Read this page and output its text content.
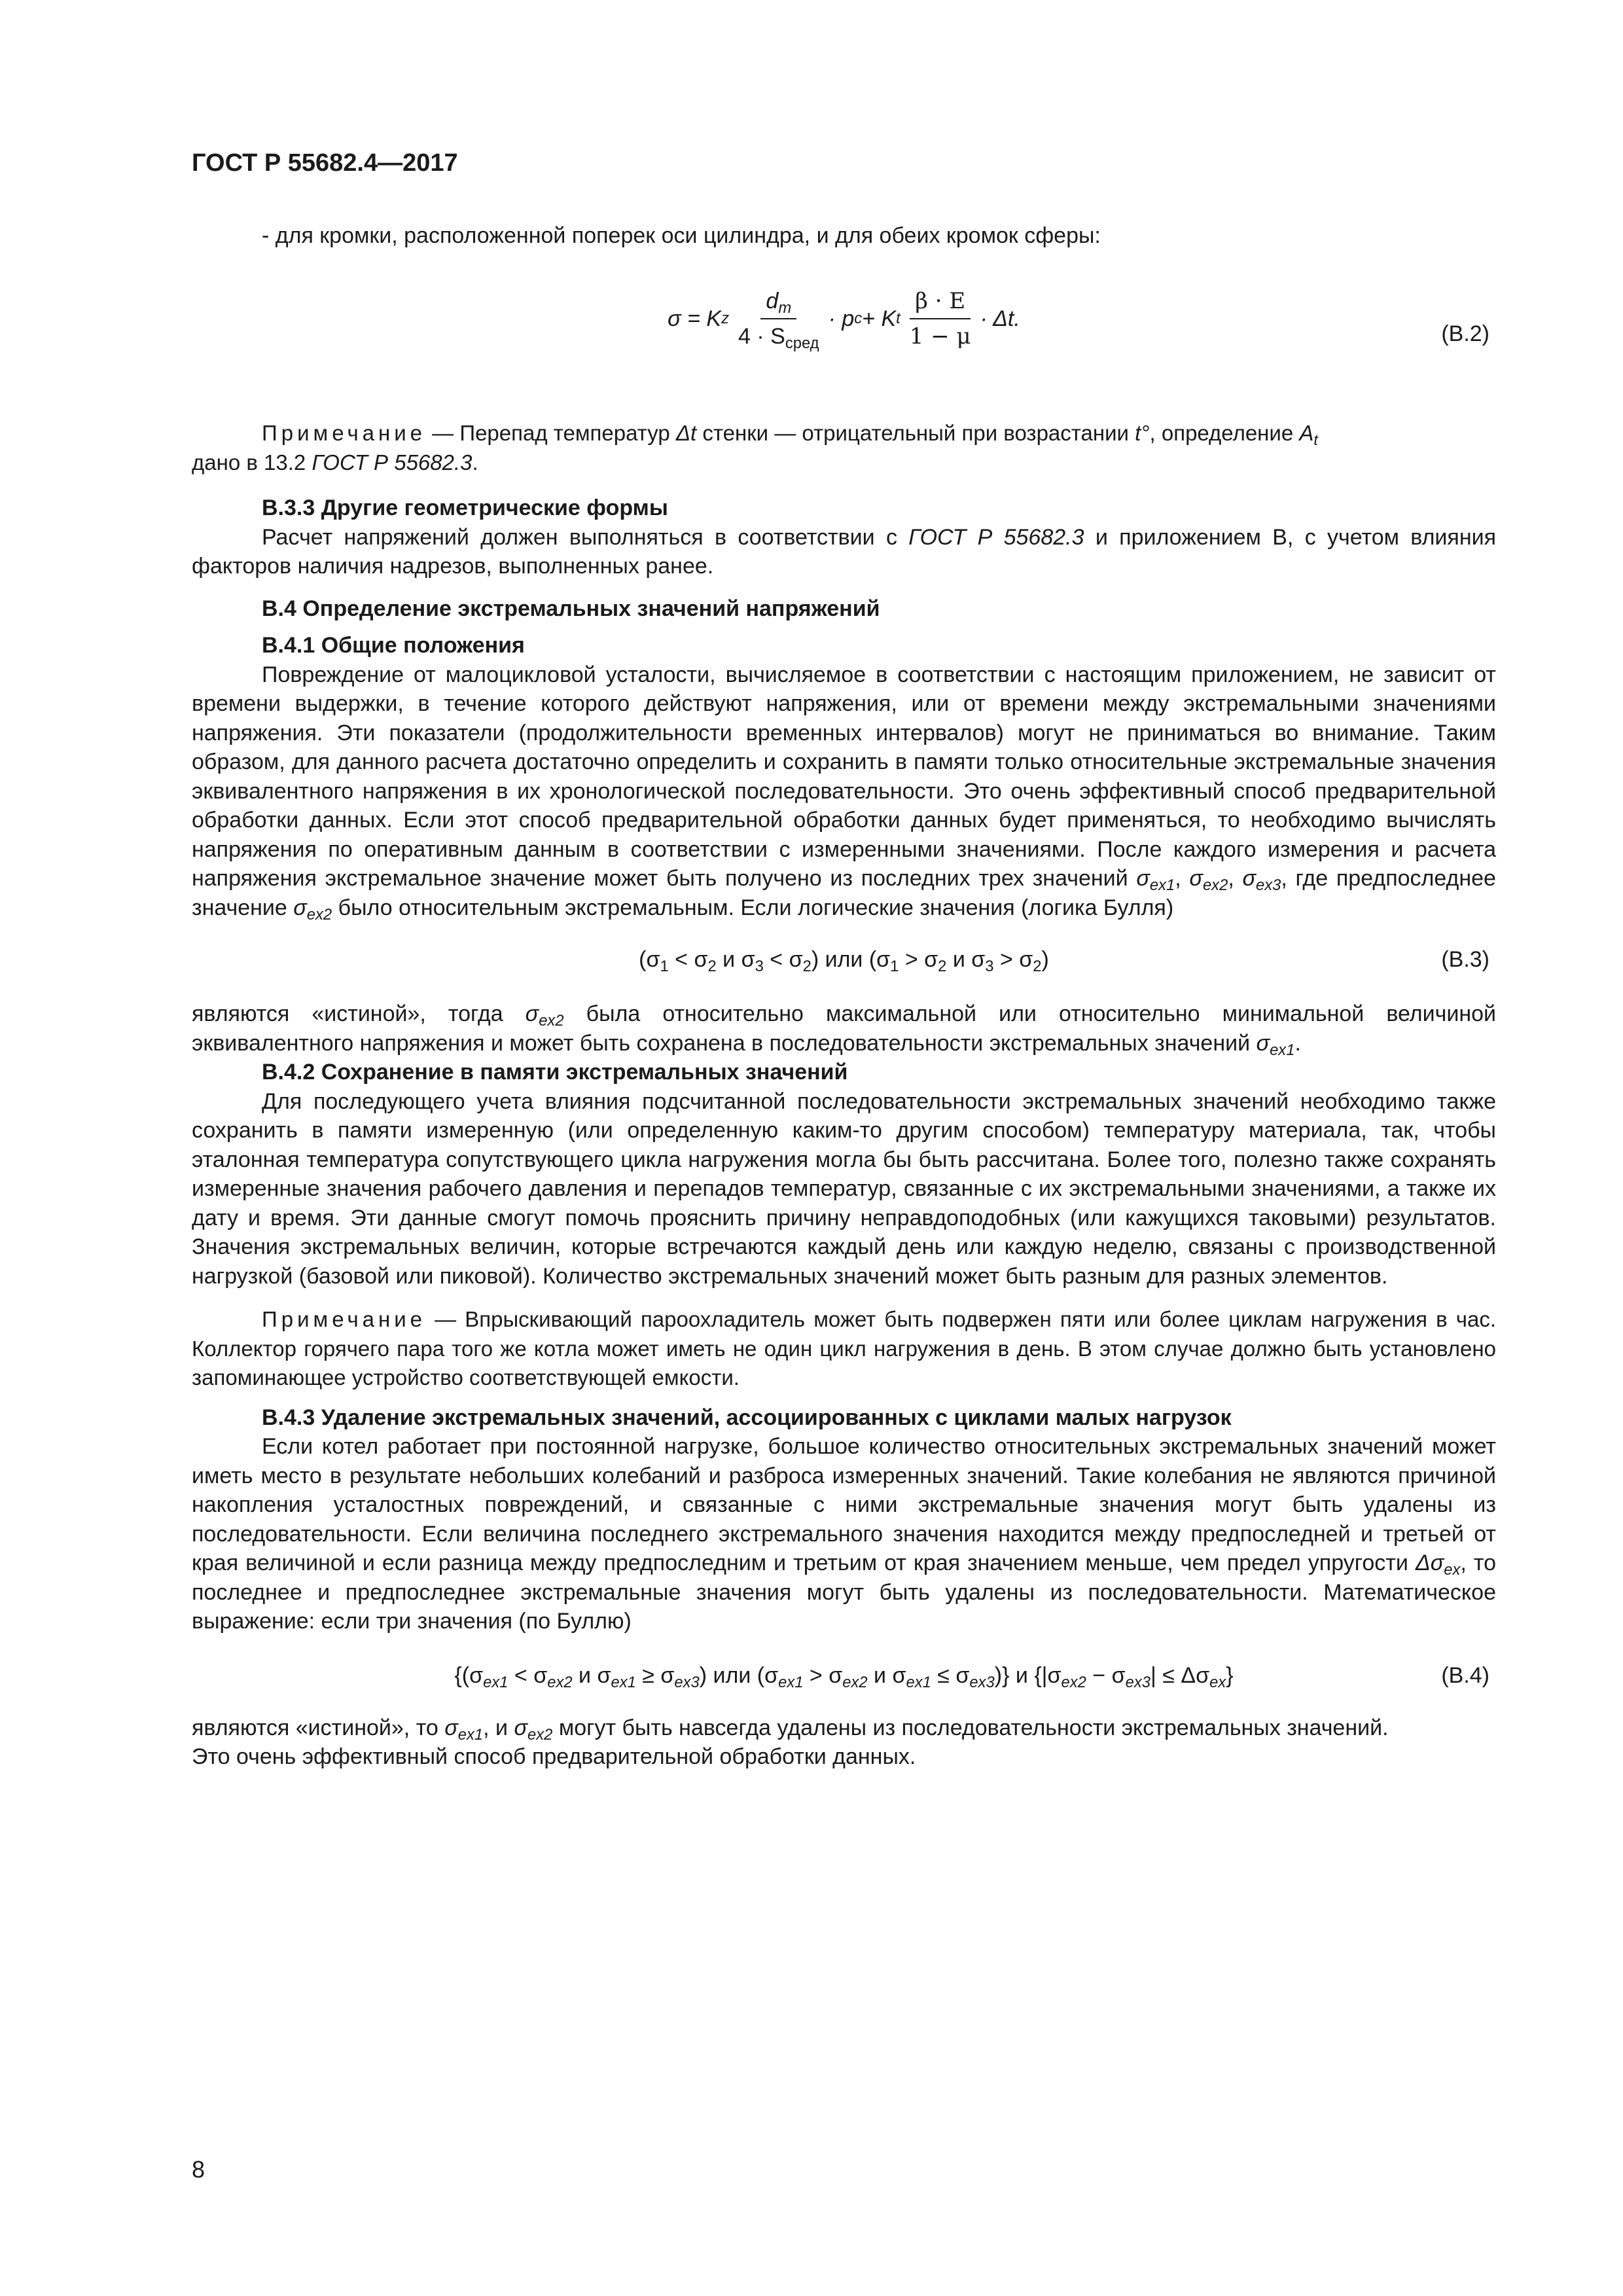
ГОСТ Р 55682.4—2017

- для кромки, расположенной поперек оси цилиндра, и для обеих кромок сферы:

σ = K z $\frac{d_m}{4 \cdot S_{сред}} \cdot p$ c + K t $\frac{\beta \cdot E}{1 - \mu} \cdot \Delta t$.
(В.2)

Примечание — Перепад температур Δt стенки — отрицательный при возрастании t°, определение $A_t$

дано в 13.2 ГОСТ Р 55682.3.

В.3.3 Другие геометрические формы

Расчет напряжений должен выполняться в соответствии с ГОСТ Р 55682.3 и приложением В, с учетом влияния факторов наличия надрезов, выполненных ранее.

В.4 Определение экстремальных значений напряжений
В.4.1 Общие положения

Повреждение от малоцикловой усталости, вычисляемое в соответствии с настоящим приложением, не зависит от времени выдержки, в течение которого действуют напряжения, или от времени между экстремальными значениями напряжения. Эти показатели (продолжительности временных интервалов) могут не приниматься во внимание. Таким образом, для данного расчета достаточно определить и сохранить в памяти только относительные экстремальные значения эквивалентного напряжения в их хронологической последовательности. Это очень эффективный способ предварительной обработки данных. Если этот способ предварительной обработки данных будет применяться, то необходимо вычислять напряжения по оперативным данным в соответствии с измеренными значениями. После каждого измерения и расчета напряжения экстремальное значение может быть получено из последних трех значений $\sigma_{ex1}$, $\sigma_{ex2}$, $\sigma_{ex3}$, где предпоследнее значение $\sigma_{ex2}$ было относительным экстремальным. Если логические значения (логика Булля)

($\sigma_1 < \sigma_2$ и $\sigma_3 < \sigma_2$) или ($\sigma_1 > \sigma_2$ и $\sigma_3 > \sigma_2$)	(В.3)

являются «истиной», тогда $\sigma_{ex2}$ была относительно максимальной или относительно минимальной величиной эквивалентного напряжения и может быть сохранена в последовательности экстремальных значений $\sigma_{ex1}$.

В.4.2 Сохранение в памяти экстремальных значений

Для последующего учета влияния подсчитанной последовательности экстремальных значений необходимо также сохранить в памяти измеренную (или определенную каким-то другим способом) температуру материала, так, чтобы эталонная температура сопутствующего цикла нагружения могла бы быть рассчитана. Более того, полезно также сохранять измеренные значения рабочего давления и перепадов температур, связанные с их экстремальными значениями, а также их дату и время. Эти данные смогут помочь прояснить причину неправдоподобных (или кажущихся таковыми) результатов. Значения экстремальных величин, которые встречаются каждый день или каждую неделю, связаны с производственной нагрузкой (базовой или пиковой). Количество экстремальных значений может быть разным для разных элементов.

Примечание — Впрыскивающий пароохладитель может быть подвержен пяти или более циклам нагружения в час. Коллектор горячего пара того же котла может иметь не один цикл нагружения в день. В этом случае должно быть установлено запоминающее устройство соответствующей емкости.

В.4.3 Удаление экстремальных значений, ассоциированных с циклами малых нагрузок

Если котел работает при постоянной нагрузке, большое количество относительных экстремальных значений может иметь место в результате небольших колебаний и разброса измеренных значений. Такие колебания не являются причиной накопления усталостных повреждений, и связанные с ними экстремальные значения могут быть удалены из последовательности. Если величина последнего экстремального значения находится между предпоследней и третьей от края величиной и если разница между предпоследним и третьим от края значением меньше, чем предел упругости $\Delta\sigma_{ex}$, то последнее и предпоследнее экстремальные значения могут быть удалены из последовательности. Математическое выражение: если три значения (по Буллю)

{($\sigma_{ex1} < \sigma_{ex2}$ и $\sigma_{ex1} \ge \sigma_{ex3}$) или ($\sigma_{ex1} > \sigma_{ex2}$ и $\sigma_{ex1} \le \sigma_{ex3}$)} и $\{|\sigma_{ex2} - \sigma_{ex3}| \le \Delta\sigma_{ex}\}$	(В.4)

являются «истиной», то $\sigma_{ex1}$, и $\sigma_{ex2}$ могут быть навсегда удалены из последовательности экстремальных значений.

Это очень эффективный способ предварительной обработки данных.

8
